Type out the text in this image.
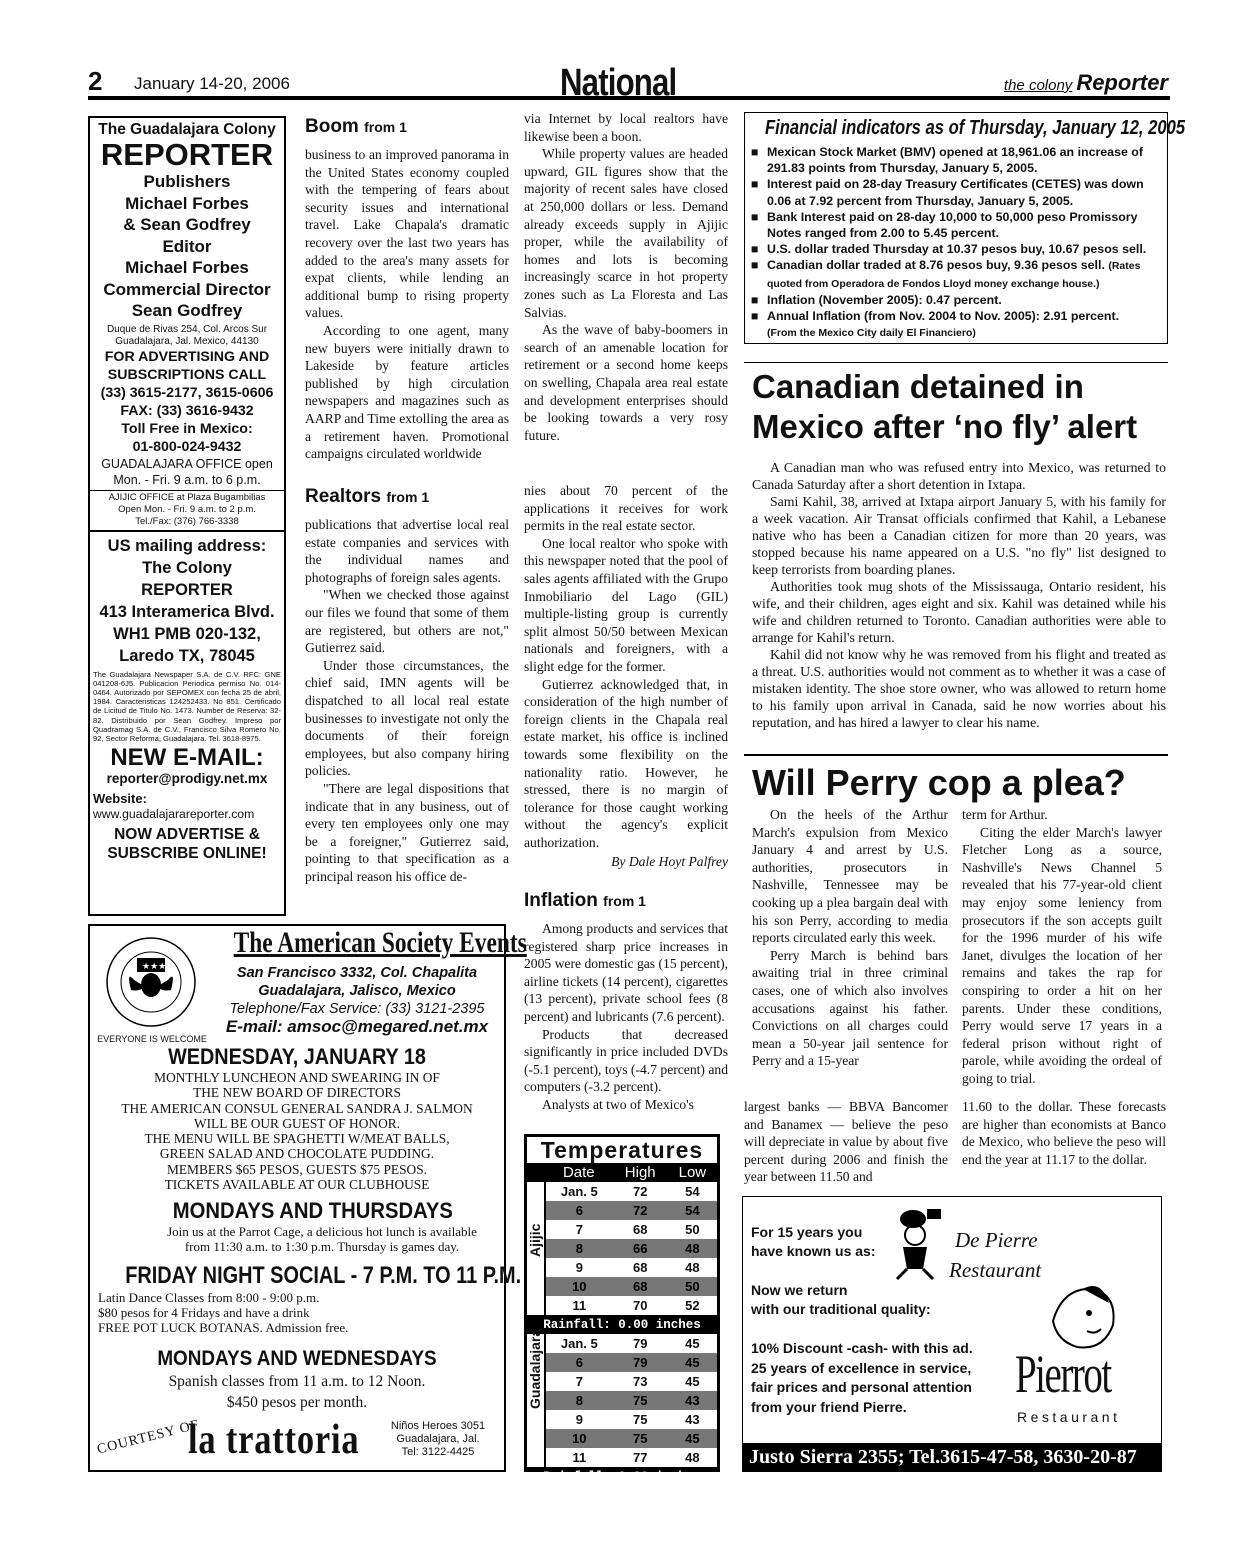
2 January 14-20, 2006	National	the colony Reporter
The Guadalajara Colony
REPORTER
Publishers
Michael Forbes
& Sean Godfrey
Editor
Michael Forbes
Commercial Director
Sean Godfrey
Duque de Rivas 254, Col. Arcos Sur
Guadalajara, Jal. Mexico, 44130
FOR ADVERTISING AND
SUBSCRIPTIONS CALL
(33) 3615-2177, 3615-0606
FAX: (33) 3616-9432
Toll Free in Mexico:
01-800-024-9432
GUADALAJARA OFFICE open
Mon. - Fri. 9 a.m. to 6 p.m.
AJIJIC OFFICE at Plaza Bugambilias
Open Mon. - Fri. 9 a.m. to 2 p.m.
Tel./Fax: (376) 766-3338
US mailing address:
The Colony
REPORTER
413 Interamerica Blvd.
WH1 PMB 020-132,
Laredo TX, 78045
The Guadalajara Newspaper S.A. de C.V. RFC: GNE 041208-6J5. Publicacion Periodica permiso No. 014-0464. Autorizado por SEPOMEX con fecha 25 de abril, 1984. Caracteristicas 124252433. No 851. Certificado de Licitud de Titulo No. 1473. Number de Reserva: 32-82. Distribuido por Sean Godfrey. Impreso por Quadramag S.A. de C.V., Francisco Silva Romero No. 92, Sector Reforma, Guadalajara. Tel. 3618-8975.
NEW E-MAIL:
reporter@prodigy.net.mx
Website:
www.guadalajarareporter.com
NOW ADVERTISE &
SUBSCRIBE ONLINE!
Boom from 1

business to an improved panorama in the United States economy coupled with the tempering of fears about security issues and international travel. Lake Chapala's dramatic recovery over the last two years has added to the area's many assets for expat clients, while lending an additional bump to rising property values.

According to one agent, many new buyers were initially drawn to Lakeside by feature articles published by high circulation newspapers and magazines such as AARP and Time extolling the area as a retirement haven. Promotional campaigns circulated worldwide

via Internet by local realtors have likewise been a boon.

While property values are headed upward, GIL figures show that the majority of recent sales have closed at 250,000 dollars or less. Demand already exceeds supply in Ajijic proper, while the availability of homes and lots is becoming increasingly scarce in hot property zones such as La Floresta and Las Salvias.

As the wave of baby-boomers in search of an amenable location for retirement or a second home keeps on swelling, Chapala area real estate and development enterprises should be looking towards a very rosy future.

Realtors from 1

publications that advertise local real estate companies and services with the individual names and photographs of foreign sales agents.

"When we checked those against our files we found that some of them are registered, but others are not," Gutierrez said.

Under those circumstances, the chief said, IMN agents will be dispatched to all local real estate businesses to investigate not only the documents of their foreign employees, but also company hiring policies.

"There are legal dispositions that indicate that in any business, out of every ten employees only one may be a foreigner," Gutierrez said, pointing to that specification as a principal reason his office de-

nies about 70 percent of the applications it receives for work permits in the real estate sector.

One local realtor who spoke with this newspaper noted that the pool of sales agents affiliated with the Grupo Inmobiliario del Lago (GIL) multiple-listing group is currently split almost 50/50 between Mexican nationals and foreigners, with a slight edge for the former.

Gutierrez acknowledged that, in consideration of the high number of foreign clients in the Chapala real estate market, his office is inclined towards some flexibility on the nationality ratio. However, he stressed, there is no margin of tolerance for those caught working without the agency's explicit authorization.

By Dale Hoyt Palfrey
Inflation from 1

Among products and services that registered sharp price increases in 2005 were domestic gas (15 percent), airline tickets (14 percent), cigarettes (13 percent), private school fees (8 percent) and lubricants (7.6 percent).

Products that decreased significantly in price included DVDs (-5.1 percent), toys (-4.7 percent) and computers (-3.2 percent).

Analysts at two of Mexico's	largest banks — BBVA Bancomer and Banamex — believe the peso will depreciate in value by about five percent during 2006 and finish the year between 11.50 and
11.60 to the dollar. These forecasts are higher than economists at Banco de Mexico, who believe the peso will end the year at 11.17 to the dollar.
Financial indicators as of Thursday, January 12, 2005
■ Mexican Stock Market (BMV) opened at 18,961.06 an increase of 291.83 points from Thursday, January 5, 2005.
■ Interest paid on 28-day Treasury Certificates (CETES) was down 0.06 at 7.92 percent from Thursday, January 5, 2005.
■ Bank Interest paid on 28-day 10,000 to 50,000 peso Promissory Notes ranged from 2.00 to 5.45 percent.
■ U.S. dollar traded Thursday at 10.37 pesos buy, 10.67 pesos sell.
■ Canadian dollar traded at 8.76 pesos buy, 9.36 pesos sell. (Rates quoted from Operadora de Fondos Lloyd money exchange house.)
■ Inflation (November 2005): 0.47 percent.
■ Annual Inflation (from Nov. 2004 to Nov. 2005): 2.91 percent.
(From the Mexico City daily El Financiero)
Canadian detained in Mexico after ‘no fly’ alert

A Canadian man who was refused entry into Mexico, was returned to Canada Saturday after a short detention in Ixtapa.

Sami Kahil, 38, arrived at Ixtapa airport January 5, with his family for a week vacation. Air Transat officials confirmed that Kahil, a Lebanese native who has been a Canadian citizen for more than 20 years, was stopped because his name appeared on a U.S. "no fly" list designed to keep terrorists from boarding planes.

Authorities took mug shots of the Mississauga, Ontario resident, his wife, and their children, ages eight and six. Kahil was detained while his wife and children returned to Toronto. Canadian authorities were able to arrange for Kahil's return.

Kahil did not know why he was removed from his flight and treated as a threat. U.S. authorities would not comment as to whether it was a case of mistaken identity. The shoe store owner, who was allowed to return home to his family upon arrival in Canada, said he now worries about his reputation, and has hired a lawyer to clear his name.

Will Perry cop a plea?

On the heels of the Arthur March's expulsion from Mexico January 4 and arrest by U.S. authorities, prosecutors in Nashville, Tennessee may be cooking up a plea bargain deal with his son Perry, according to media reports circulated early this week.

Perry March is behind bars awaiting trial in three criminal cases, one of which also involves accusations against his father. Convictions on all charges could mean a 50-year jail sentence for Perry and a 15-year

term for Arthur.

Citing the elder March's lawyer Fletcher Long as a source, Nashville's News Channel 5 revealed that his 77-year-old client may enjoy some leniency from prosecutors if the son accepts guilt for the 1996 murder of his wife Janet, divulges the location of her remains and takes the rap for conspiring to order a hit on her parents. Under these conditions, Perry would serve 17 years in a federal prison without right of parole, while avoiding the ordeal of going to trial.

★★★
EVERYONE IS WELCOME
The American Society Events
San Francisco 3332, Col. Chapalita
Guadalajara, Jalisco, Mexico
Telephone/Fax Service: (33) 3121-2395
E-mail: amsoc@megared.net.mx
WEDNESDAY, JANUARY 18
MONTHLY LUNCHEON AND SWEARING IN OF
THE NEW BOARD OF DIRECTORS
THE AMERICAN CONSUL GENERAL SANDRA J. SALMON
WILL BE OUR GUEST OF HONOR.
THE MENU WILL BE SPAGHETTI W/MEAT BALLS,
GREEN SALAD AND CHOCOLATE PUDDING.
MEMBERS $65 PESOS, GUESTS $75 PESOS.
TICKETS AVAILABLE AT OUR CLUBHOUSE
MONDAYS AND THURSDAYS
Join us at the Parrot Cage, a delicious hot lunch is available
from 11:30 a.m. to 1:30 p.m. Thursday is games day.
FRIDAY NIGHT SOCIAL - 7 P.M. TO 11 P.M.
Latin Dance Classes from 8:00 - 9:00 p.m.
$80 pesos for 4 Fridays and have a drink
FREE POT LUCK BOTANAS. Admission free.
MONDAYS AND WEDNESDAYS
Spanish classes from 11 a.m. to 12 Noon.
$450 pesos per month.
COURTESY OF
la trattoria	Niños Heroes 3051
Guadalajara, Jal.
Tel: 3122-4425
Temperatures
	Date	High	Low

Ajijic	Jan. 5	72	54
	6	72	54
	7	68	50
	8	66	48
	9	68	48
	10	68	50
	11	70	52
Rainfall: 0.00 inches			

Guadalajara	Jan. 5	79	45
	6	79	45
	7	73	45
	8	75	43
	9	75	43
	10	75	45
	11	77	48
Rainfall: 0.00 inches			
For 15 years you
have known us as:	De Pierre
Restaurant
Now we return
with our traditional quality:
10% Discount -cash- with this ad.
25 years of excellence in service,
fair prices and personal attention
from your friend Pierre.
Pierrot
Restaurant
Justo Sierra 2355; Tel.3615-47-58, 3630-20-87
